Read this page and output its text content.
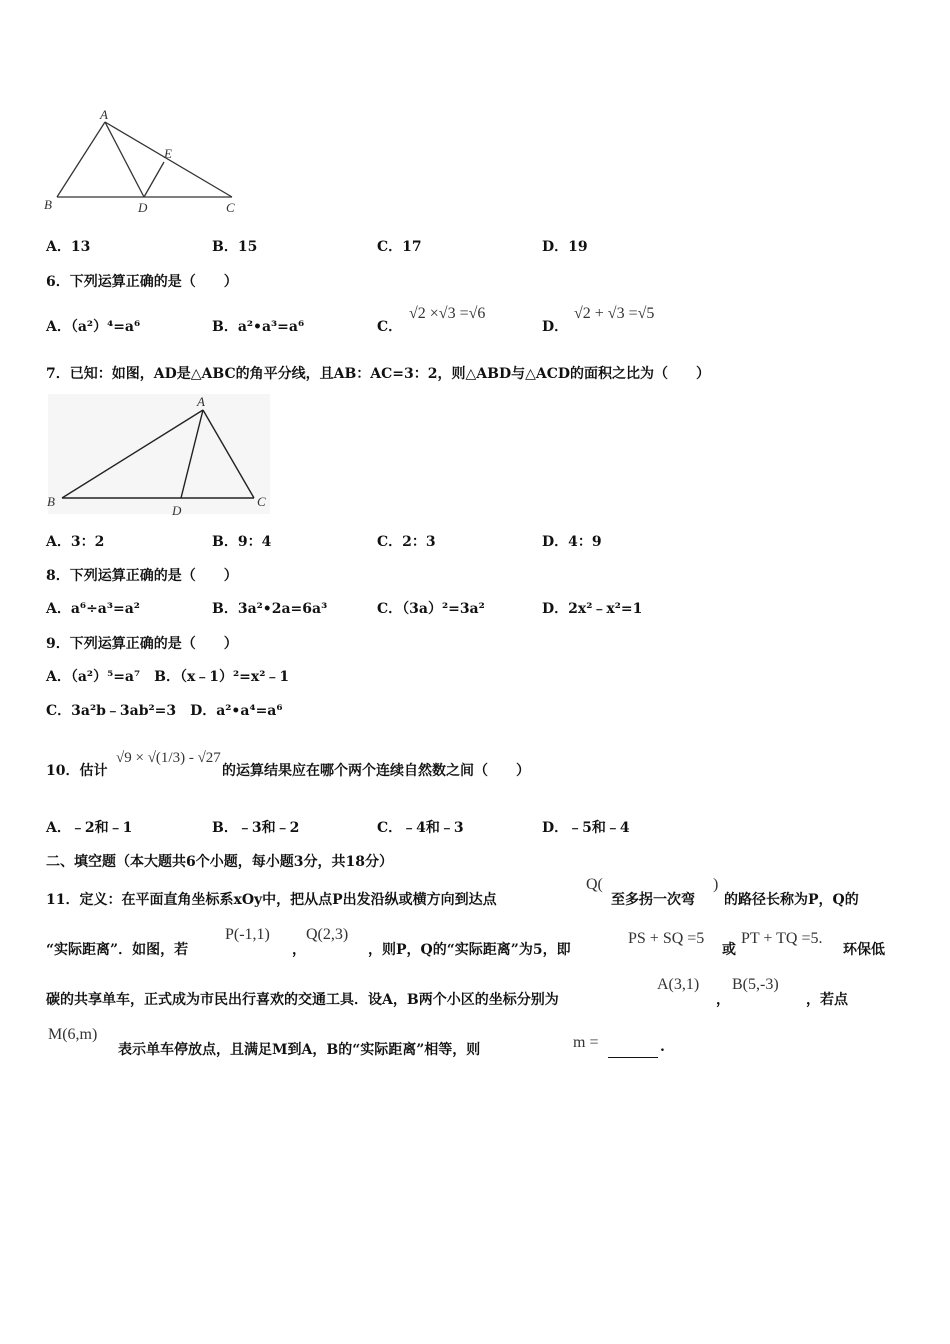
A
E
B	D	C
A．13	B．15	C．17	D．19
6．下列运算正确的是（　　）
A．（a²）⁴=a⁶	B．a²•a³=a⁶	C．
√2 ×√3 =√6
D．
√2 + √3 =√5
7．已知：如图，AD是△ABC的角平分线，且AB：AC=3：2，则△ABD与△ACD的面积之比为（　　）
A
B
D
C
A．3：2	B．9：4	C．2：3	D．4：9
8．下列运算正确的是（　　）
A．a⁶÷a³=a²	B．3a²•2a=6a³	C．（3a）²=3a²	D．2x²﹣x²=1
9．下列运算正确的是（　　）
A．（a²）⁵=a⁷　B．（x﹣1）²=x²﹣1
C．3a²b﹣3ab²=3　D．a²•a⁴=a⁶
10．估计
√9 × √(1/3) - √27
的运算结果应在哪个两个连续自然数之间（　　）
A．﹣2和﹣1	B．﹣3和﹣2	C．﹣4和﹣3	D．﹣5和﹣4
二、填空题（本大题共6个小题，每小题3分，共18分）
11．定义：在平面直角坐标系xOy中，把从点P出发沿纵或横方向到达点
Q(
至多拐一次弯
)
的路径长称为P，Q的
“实际距离”．如图，若
P(-1,1)
，
Q(2,3)
，则P，Q的“实际距离”为5，即
PS + SQ =5
或
PT + TQ =5.
环保低
碳的共享单车，正式成为市民出行喜欢的交通工具．设A，B两个小区的坐标分别为
A(3,1)
，
B(5,-3)
，若点
M(6,m)
表示单车停放点，且满足M到A，B的“实际距离”相等，则	m =	.
